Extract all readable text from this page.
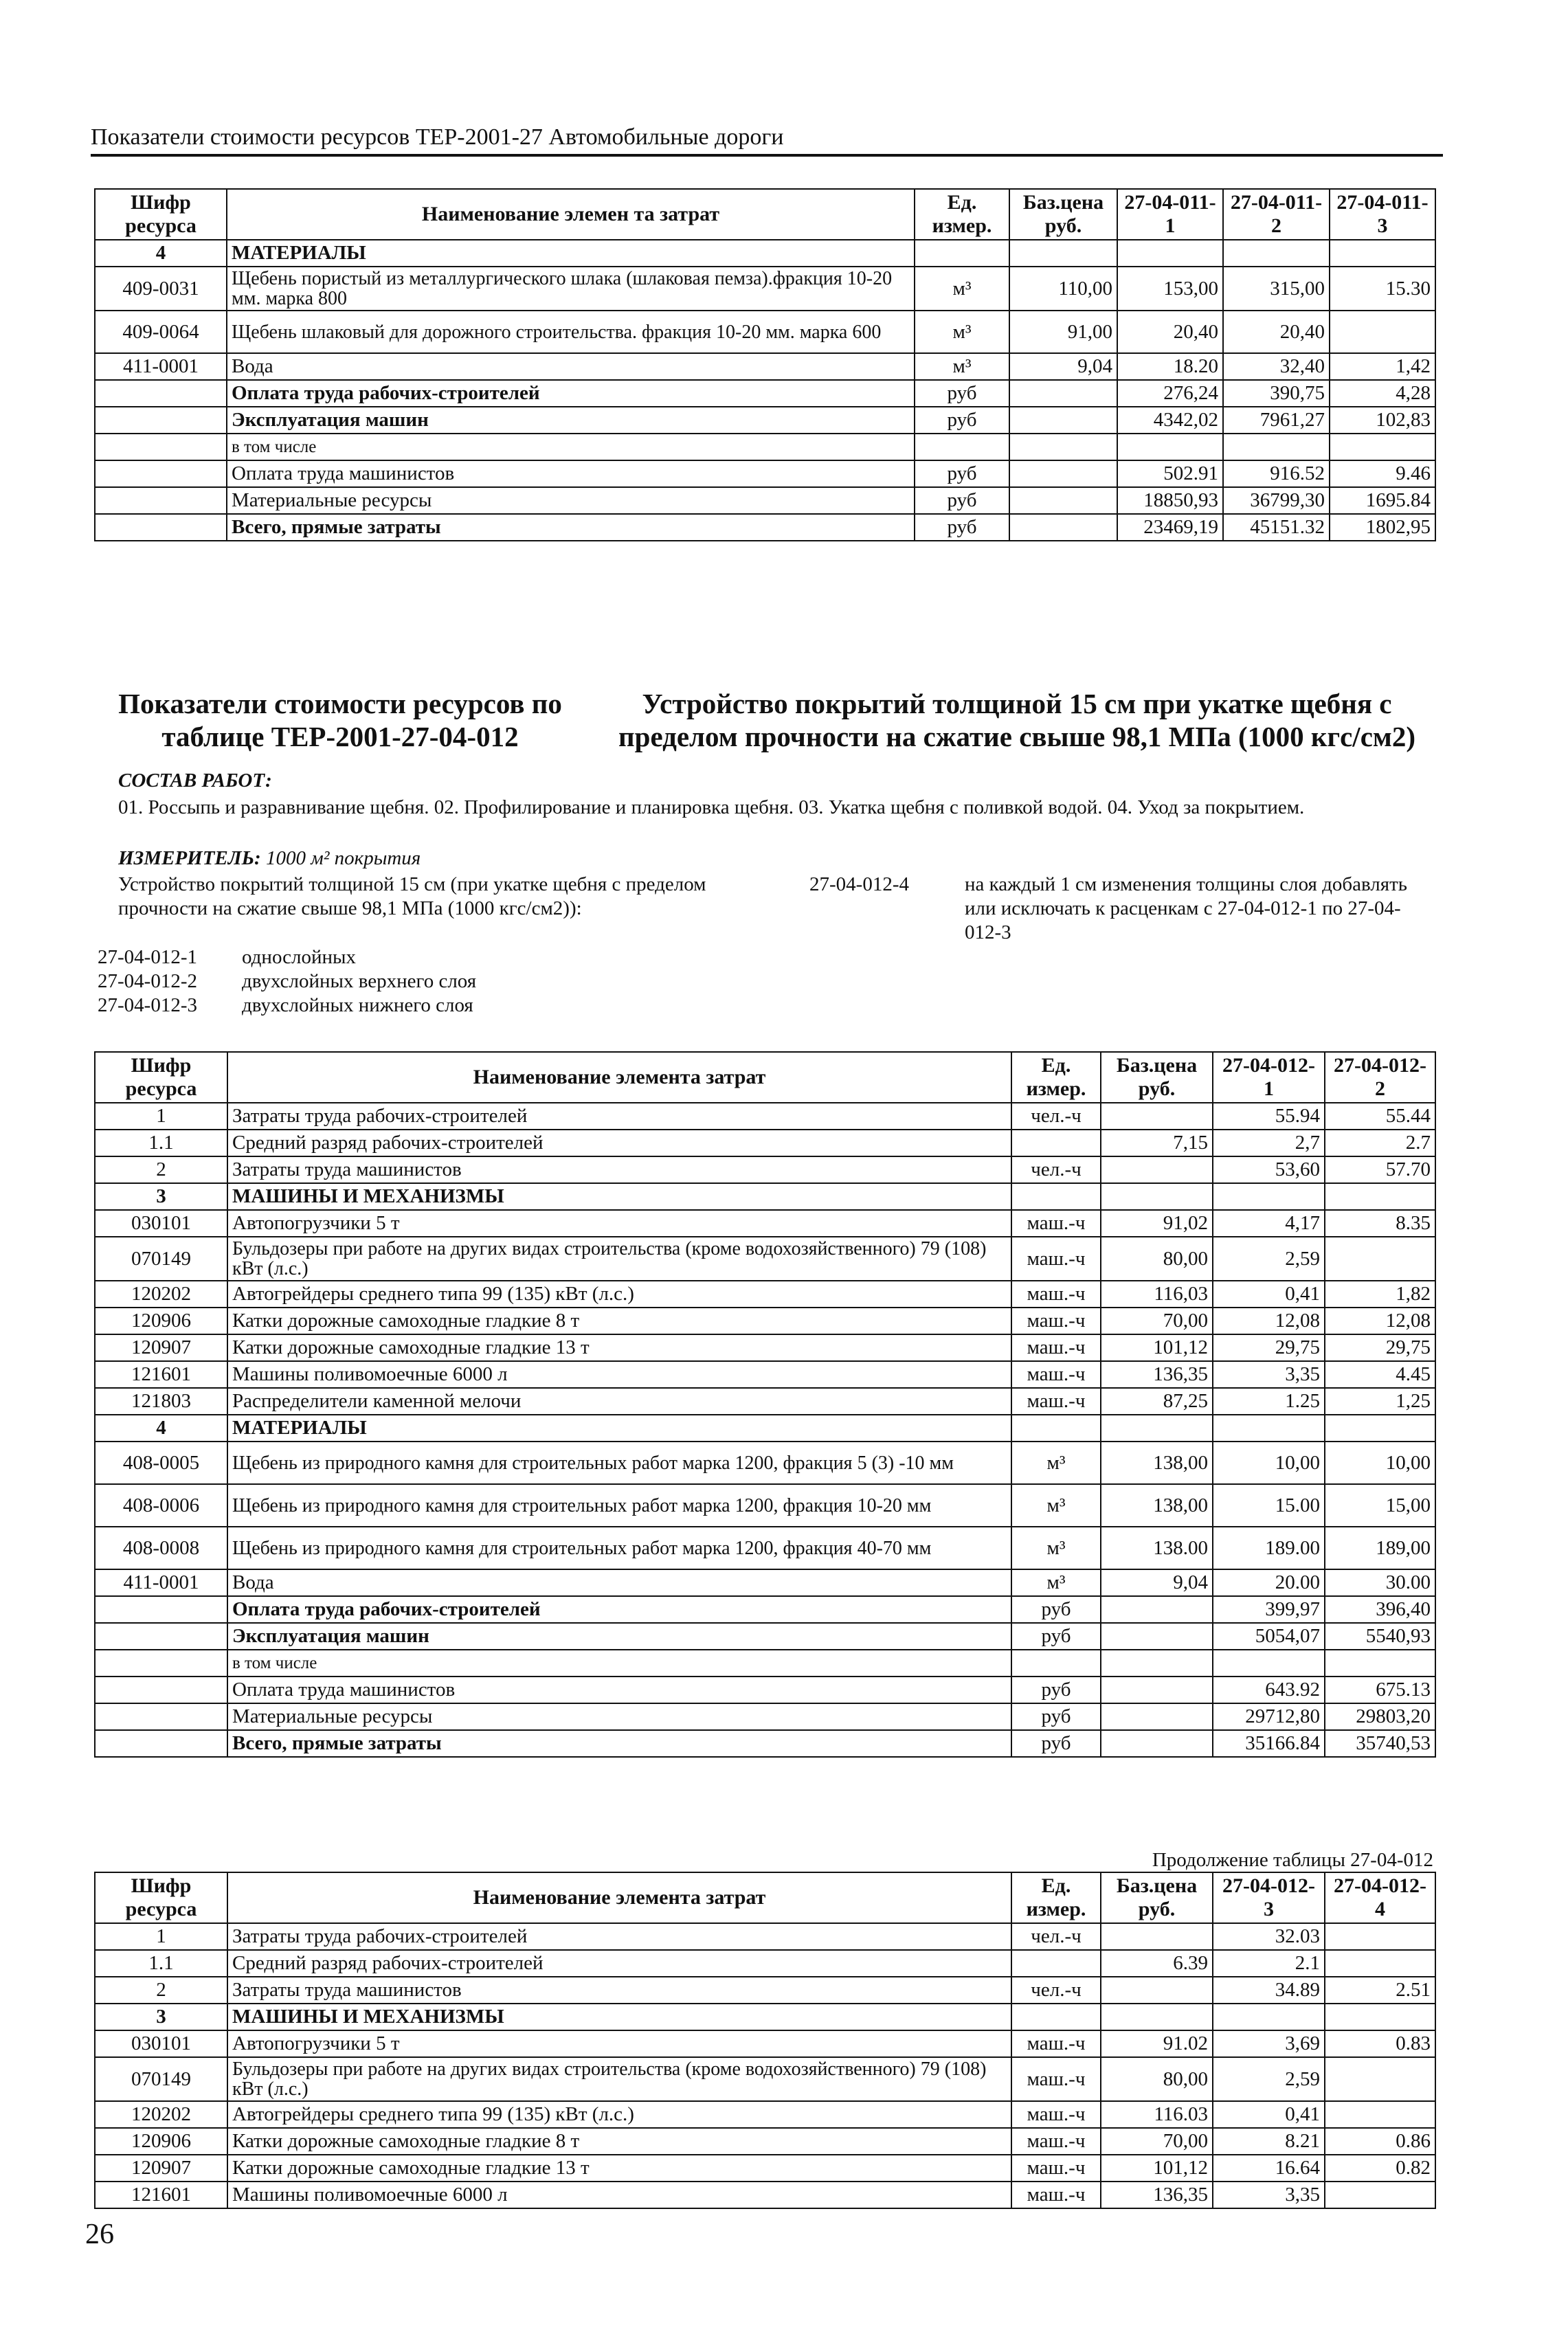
Показатели стоимости ресурсов ТЕР-2001-27 Автомобильные дороги
Шифр ресурса	Наименование элемен та затрат	Ед. измер.	Баз.цена руб.	27-04-011-1	27-04-011-2	27-04-011-3
4	МАТЕРИАЛЫ					
409-0031	Щебень пористый из металлургического шлака (шлаковая пемза).фракция 10-20 мм. марка 800	м³	110,00	153,00	315,00	15.30
409-0064	Щебень шлаковый для дорожного строительства. фракция 10-20 мм. марка 600	м³	91,00	20,40	20,40	
411-0001	Вода	м³	9,04	18.20	32,40	1,42
	Оплата труда рабочих-строителей	руб		276,24	390,75	4,28
	Эксплуатация машин	руб		4342,02	7961,27	102,83
	в том числе					
	Оплата труда машинистов	руб		502.91	916.52	9.46
	Материальные ресурсы	руб		18850,93	36799,30	1695.84
	Всего, прямые затраты	руб		23469,19	45151.32	1802,95
Показатели стоимости ресурсов по таблице ТЕР-2001-27-04-012
Устройство покрытий толщиной 15 см при укатке щебня с пределом прочности на сжатие свыше 98,1 МПа (1000 кгс/см2)
СОСТАВ РАБОТ:
01. Россыпь и разравнивание щебня. 02. Профилирование и планировка щебня. 03. Укатка щебня с поливкой водой. 04. Уход за покрытием.
ИЗМЕРИТЕЛЬ: 1000 м² покрытия
Устройство покрытий толщиной 15 см (при укатке щебня с пределом прочности на сжатие свыше 98,1 МПа (1000 кгс/см2)):
27-04-012-4	на каждый 1 см изменения толщины слоя добавлять или исключать к расценкам с 27-04-012-1 по 27-04-012-3
27-04-012-1 однослойных
27-04-012-2 двухслойных верхнего слоя
27-04-012-3 двухслойных нижнего слоя
Шифр ресурса	Наименование элемента затрат	Ед. измер.	Баз.цена руб.	27-04-012-1	27-04-012-2
1	Затраты труда рабочих-строителей	чел.-ч		55.94	55.44
1.1	Средний разряд рабочих-строителей		7,15	2,7	2.7
2	Затраты труда машинистов	чел.-ч		53,60	57.70
3	МАШИНЫ И МЕХАНИЗМЫ				
030101	Автопогрузчики 5 т	маш.-ч	91,02	4,17	8.35
070149	Бульдозеры при работе на других видах строительства (кроме водохозяйственного) 79 (108) кВт (л.с.)	маш.-ч	80,00	2,59	
120202	Автогрейдеры среднего типа 99 (135) кВт (л.с.)	маш.-ч	116,03	0,41	1,82
120906	Катки дорожные самоходные гладкие 8 т	маш.-ч	70,00	12,08	12,08
120907	Катки дорожные самоходные гладкие 13 т	маш.-ч	101,12	29,75	29,75
121601	Машины поливомоечные 6000 л	маш.-ч	136,35	3,35	4.45
121803	Распределители каменной мелочи	маш.-ч	87,25	1.25	1,25
4	МАТЕРИАЛЫ				
408-0005	Щебень из природного камня для строительных работ марка 1200, фракция 5 (3) -10 мм	м³	138,00	10,00	10,00
408-0006	Щебень из природного камня для строительных работ марка 1200, фракция 10-20 мм	м³	138,00	15.00	15,00
408-0008	Щебень из природного камня для строительных работ марка 1200, фракция 40-70 мм	м³	138.00	189.00	189,00
411-0001	Вода	м³	9,04	20.00	30.00
	Оплата труда рабочих-строителей	руб		399,97	396,40
	Эксплуатация машин	руб		5054,07	5540,93
	в том числе				
	Оплата труда машинистов	руб		643.92	675.13
	Материальные ресурсы	руб		29712,80	29803,20
	Всего, прямые затраты	руб		35166.84	35740,53
Продолжение таблицы 27-04-012
Шифр ресурса	Наименование элемента затрат	Ед. измер.	Баз.цена руб.	27-04-012-3	27-04-012-4
1	Затраты труда рабочих-строителей	чел.-ч		32.03	
1.1	Средний разряд рабочих-строителей		6.39	2.1	
2	Затраты труда машинистов	чел.-ч		34.89	2.51
3	МАШИНЫ И МЕХАНИЗМЫ				
030101	Автопогрузчики 5 т	маш.-ч	91.02	3,69	0.83
070149	Бульдозеры при работе на других видах строительства (кроме водохозяйственного) 79 (108) кВт (л.с.)	маш.-ч	80,00	2,59	
120202	Автогрейдеры среднего типа 99 (135) кВт (л.с.)	маш.-ч	116.03	0,41	
120906	Катки дорожные самоходные гладкие 8 т	маш.-ч	70,00	8.21	0.86
120907	Катки дорожные самоходные гладкие 13 т	маш.-ч	101,12	16.64	0.82
121601	Машины поливомоечные 6000 л	маш.-ч	136,35	3,35	
26
